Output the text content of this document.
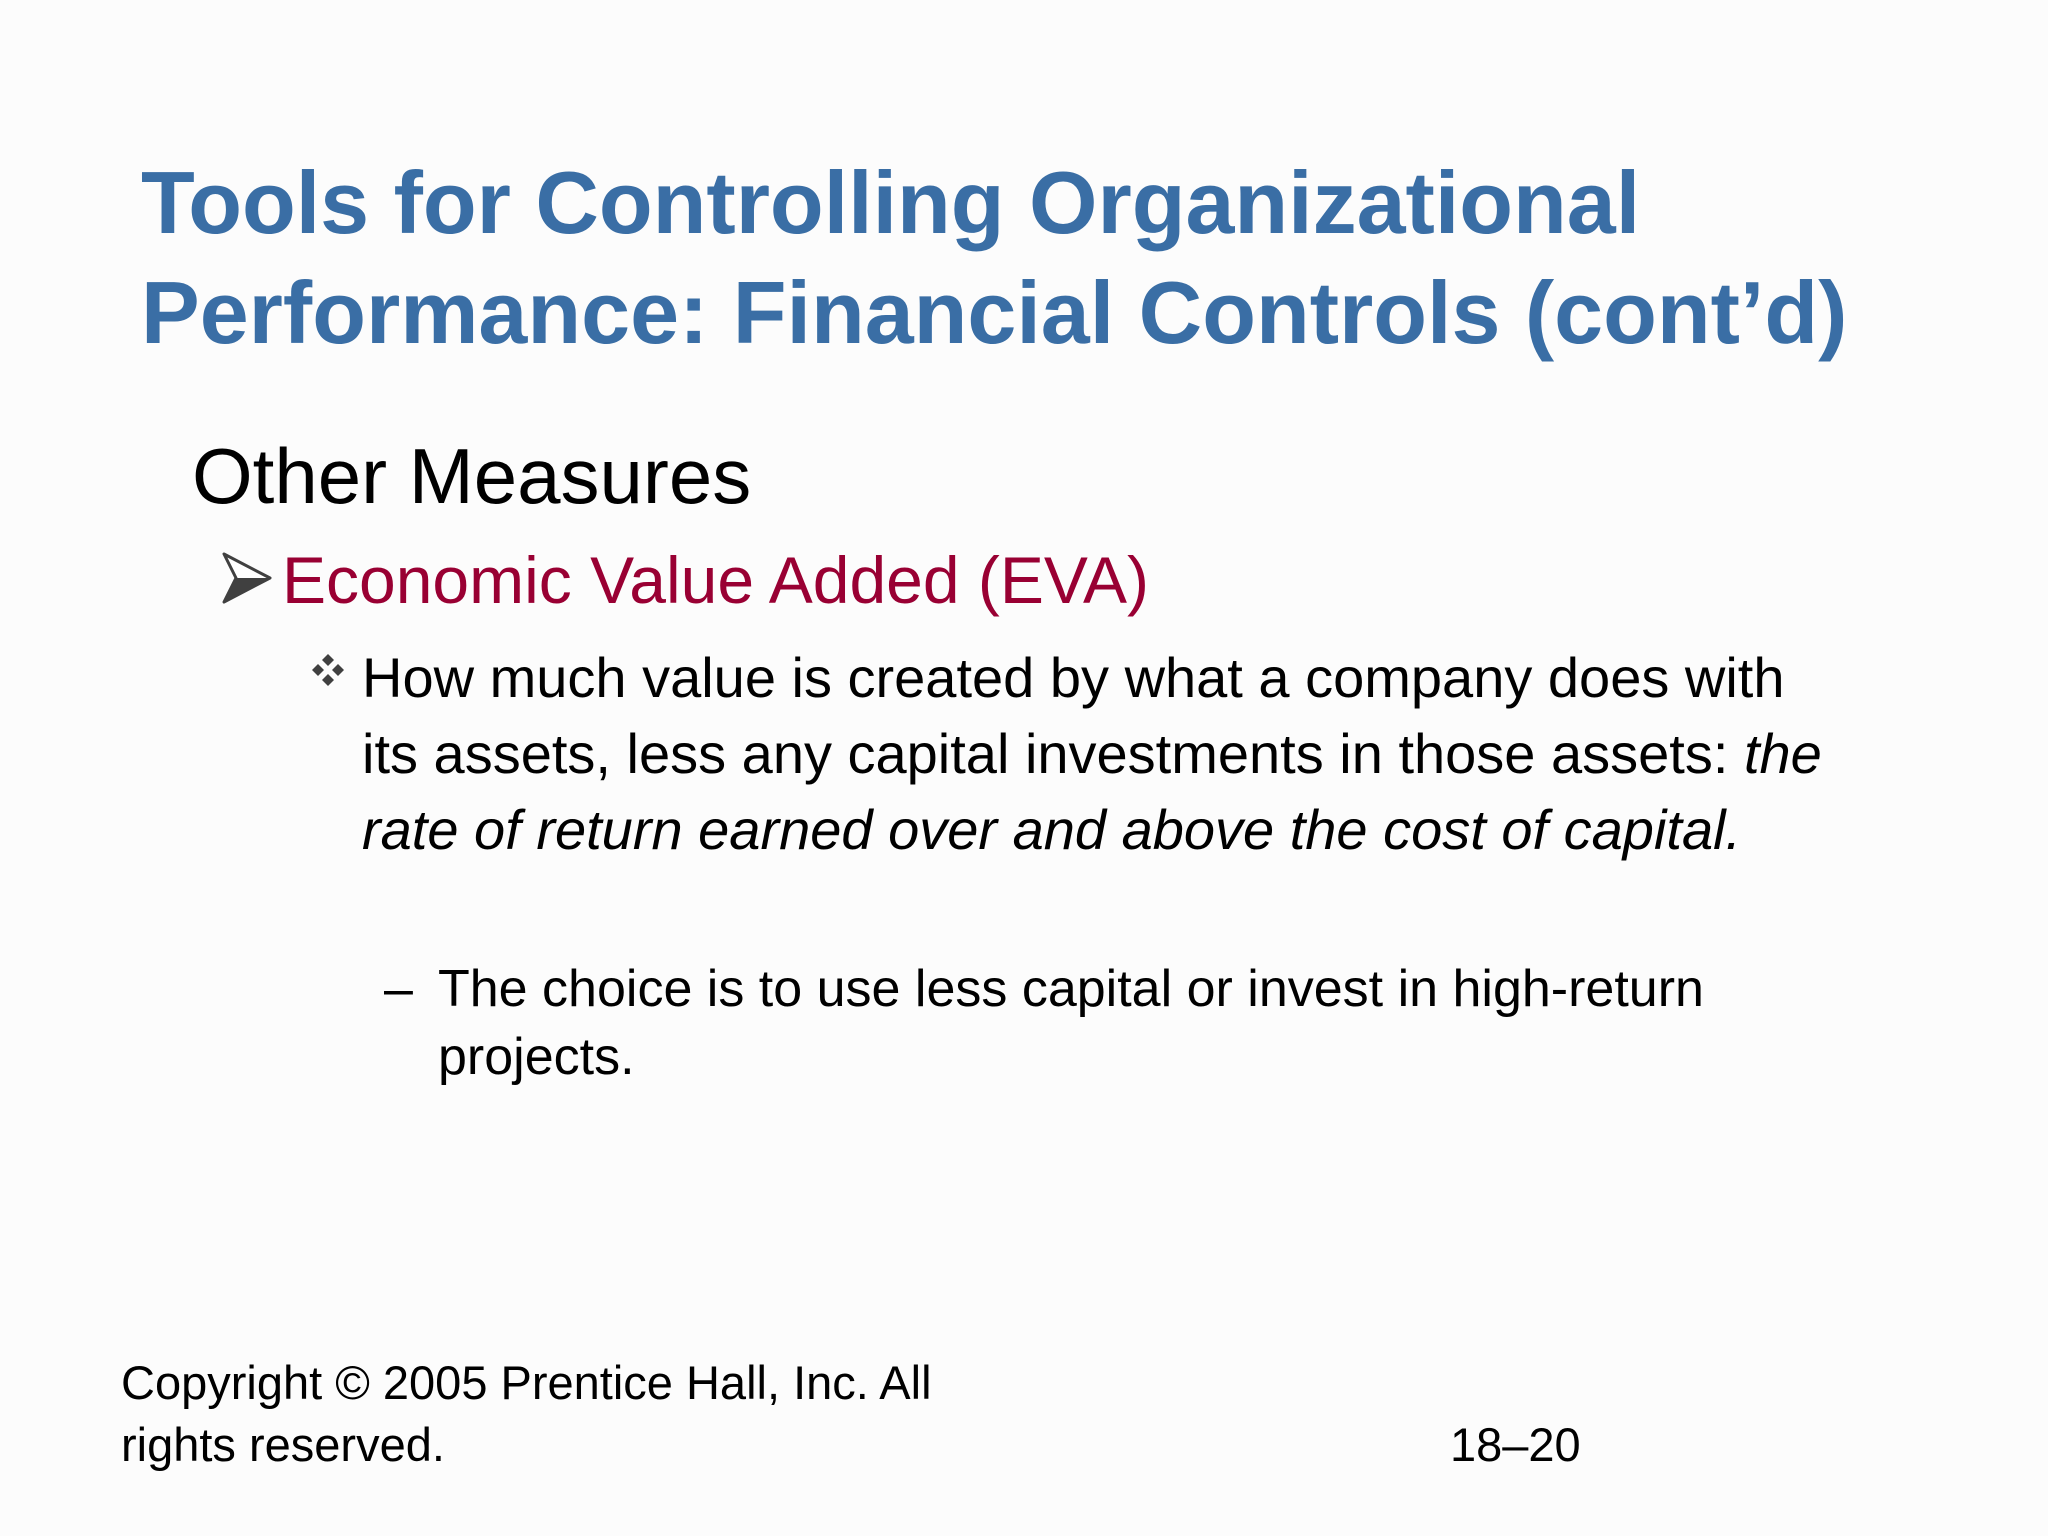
Tools for Controlling Organizational
Performance: Financial Controls (cont’d)
Other Measures
Economic Value Added (EVA)
How much value is created by what a company does with its assets, less any capital investments in those assets: the rate of return earned over and above the cost of capital.
– The choice is to use less capital or invest in high-return projects.
Copyright © 2005 Prentice Hall, Inc. All
rights reserved.	18–20
